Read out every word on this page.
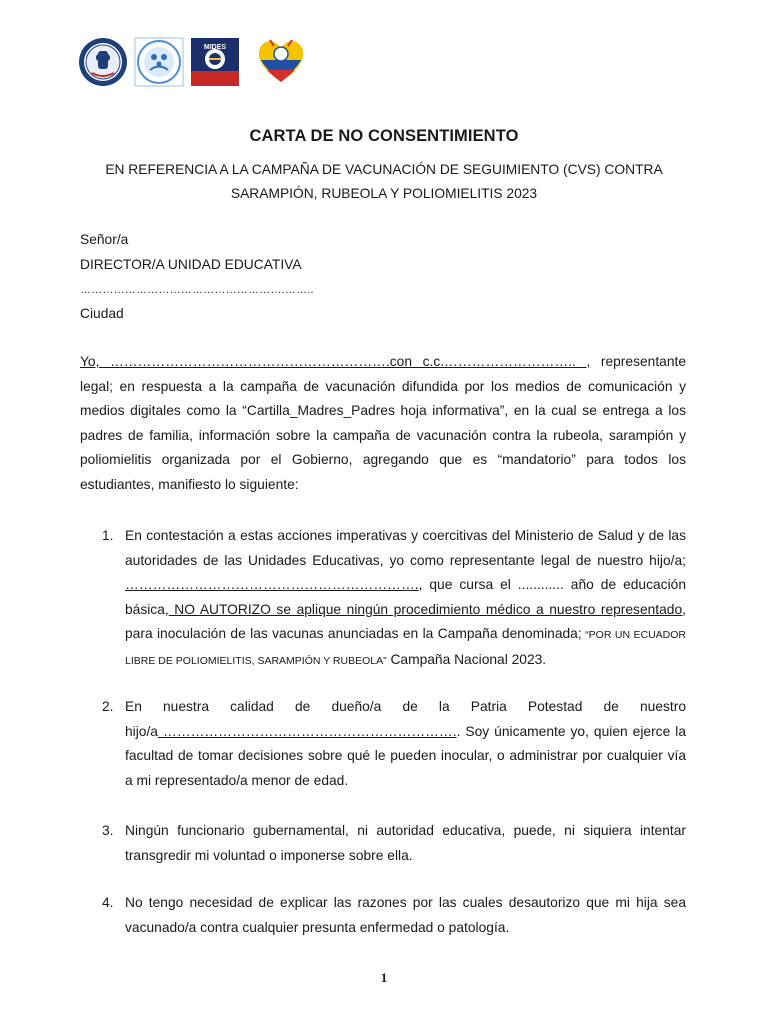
MIDES
CARTA DE NO CONSENTIMIENTO
EN REFERENCIA A LA CAMPAÑA DE VACUNACIÓN DE SEGUIMIENTO (CVS) CONTRA SARAMPIÓN, RUBEOLA Y POLIOMIELITIS 2023
Señor/a
DIRECTOR/A UNIDAD EDUCATIVA
……………………………………………….……..
Ciudad
Yo, …………………………………………………….con c.c.……………………….. , representante legal; en respuesta a la campaña de vacunación difundida por los medios de comunicación y medios digitales como la “Cartilla_Madres_Padres hoja informativa”, en la cual se entrega a los padres de familia, información sobre la campaña de vacunación contra la rubeola, sarampión y poliomielitis organizada por el Gobierno, agregando que es “mandatorio” para todos los estudiantes, manifiesto lo siguiente:
1. En contestación a estas acciones imperativas y coercitivas del Ministerio de Salud y de las autoridades de las Unidades Educativas, yo como representante legal de nuestro hijo/a; ………………………………………………………., que cursa el ............ año de educación básica, NO AUTORIZO se aplique ningún procedimiento médico a nuestro representado, para inoculación de las vacunas anunciadas en la Campaña denominada; “POR UN ECUADOR LIBRE DE POLIOMIELITIS, SARAMPIÓN Y RUBEOLA” Campaña Nacional 2023.
2. En nuestra calidad de dueño/a de la Patria Potestad de nuestro
hijo/a ……………………………………………………….. Soy únicamente yo, quien ejerce la facultad de tomar decisiones sobre qué le pueden inocular, o administrar por cualquier vía a mi representado/a menor de edad.
3. Ningún funcionario gubernamental, ni autoridad educativa, puede, ni siquiera intentar transgredir mi voluntad o imponerse sobre ella.
4. No tengo necesidad de explicar las razones por las cuales desautorizo que mi hija sea vacunado/a contra cualquier presunta enfermedad o patología.
1
